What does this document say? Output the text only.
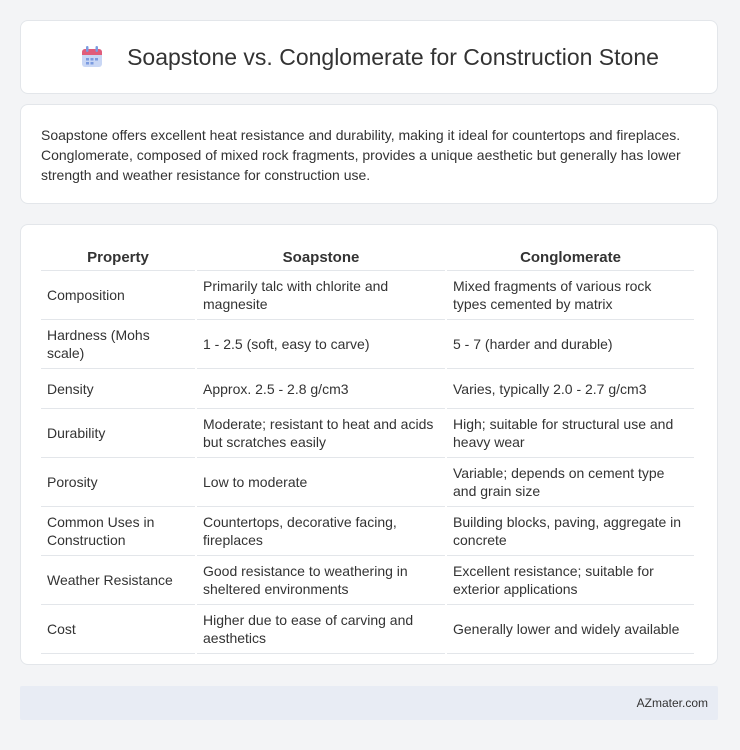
Soapstone vs. Conglomerate for Construction Stone

Soapstone offers excellent heat resistance and durability, making it ideal for countertops and fireplaces. Conglomerate, composed of mixed rock fragments, provides a unique aesthetic but generally has lower strength and weather resistance for construction use.

Property	Soapstone	Conglomerate
Composition	Primarily talc with chlorite and magnesite	Mixed fragments of various rock types cemented by matrix
Hardness (Mohs scale)	1 - 2.5 (soft, easy to carve)	5 - 7 (harder and durable)
Density	Approx. 2.5 - 2.8 g/cm3	Varies, typically 2.0 - 2.7 g/cm3
Durability	Moderate; resistant to heat and acids but scratches easily	High; suitable for structural use and heavy wear
Porosity	Low to moderate	Variable; depends on cement type and grain size
Common Uses in Construction	Countertops, decorative facing, fireplaces	Building blocks, paving, aggregate in concrete
Weather Resistance	Good resistance to weathering in sheltered environments	Excellent resistance; suitable for exterior applications
Cost	Higher due to ease of carving and aesthetics	Generally lower and widely available
AZmater.com
